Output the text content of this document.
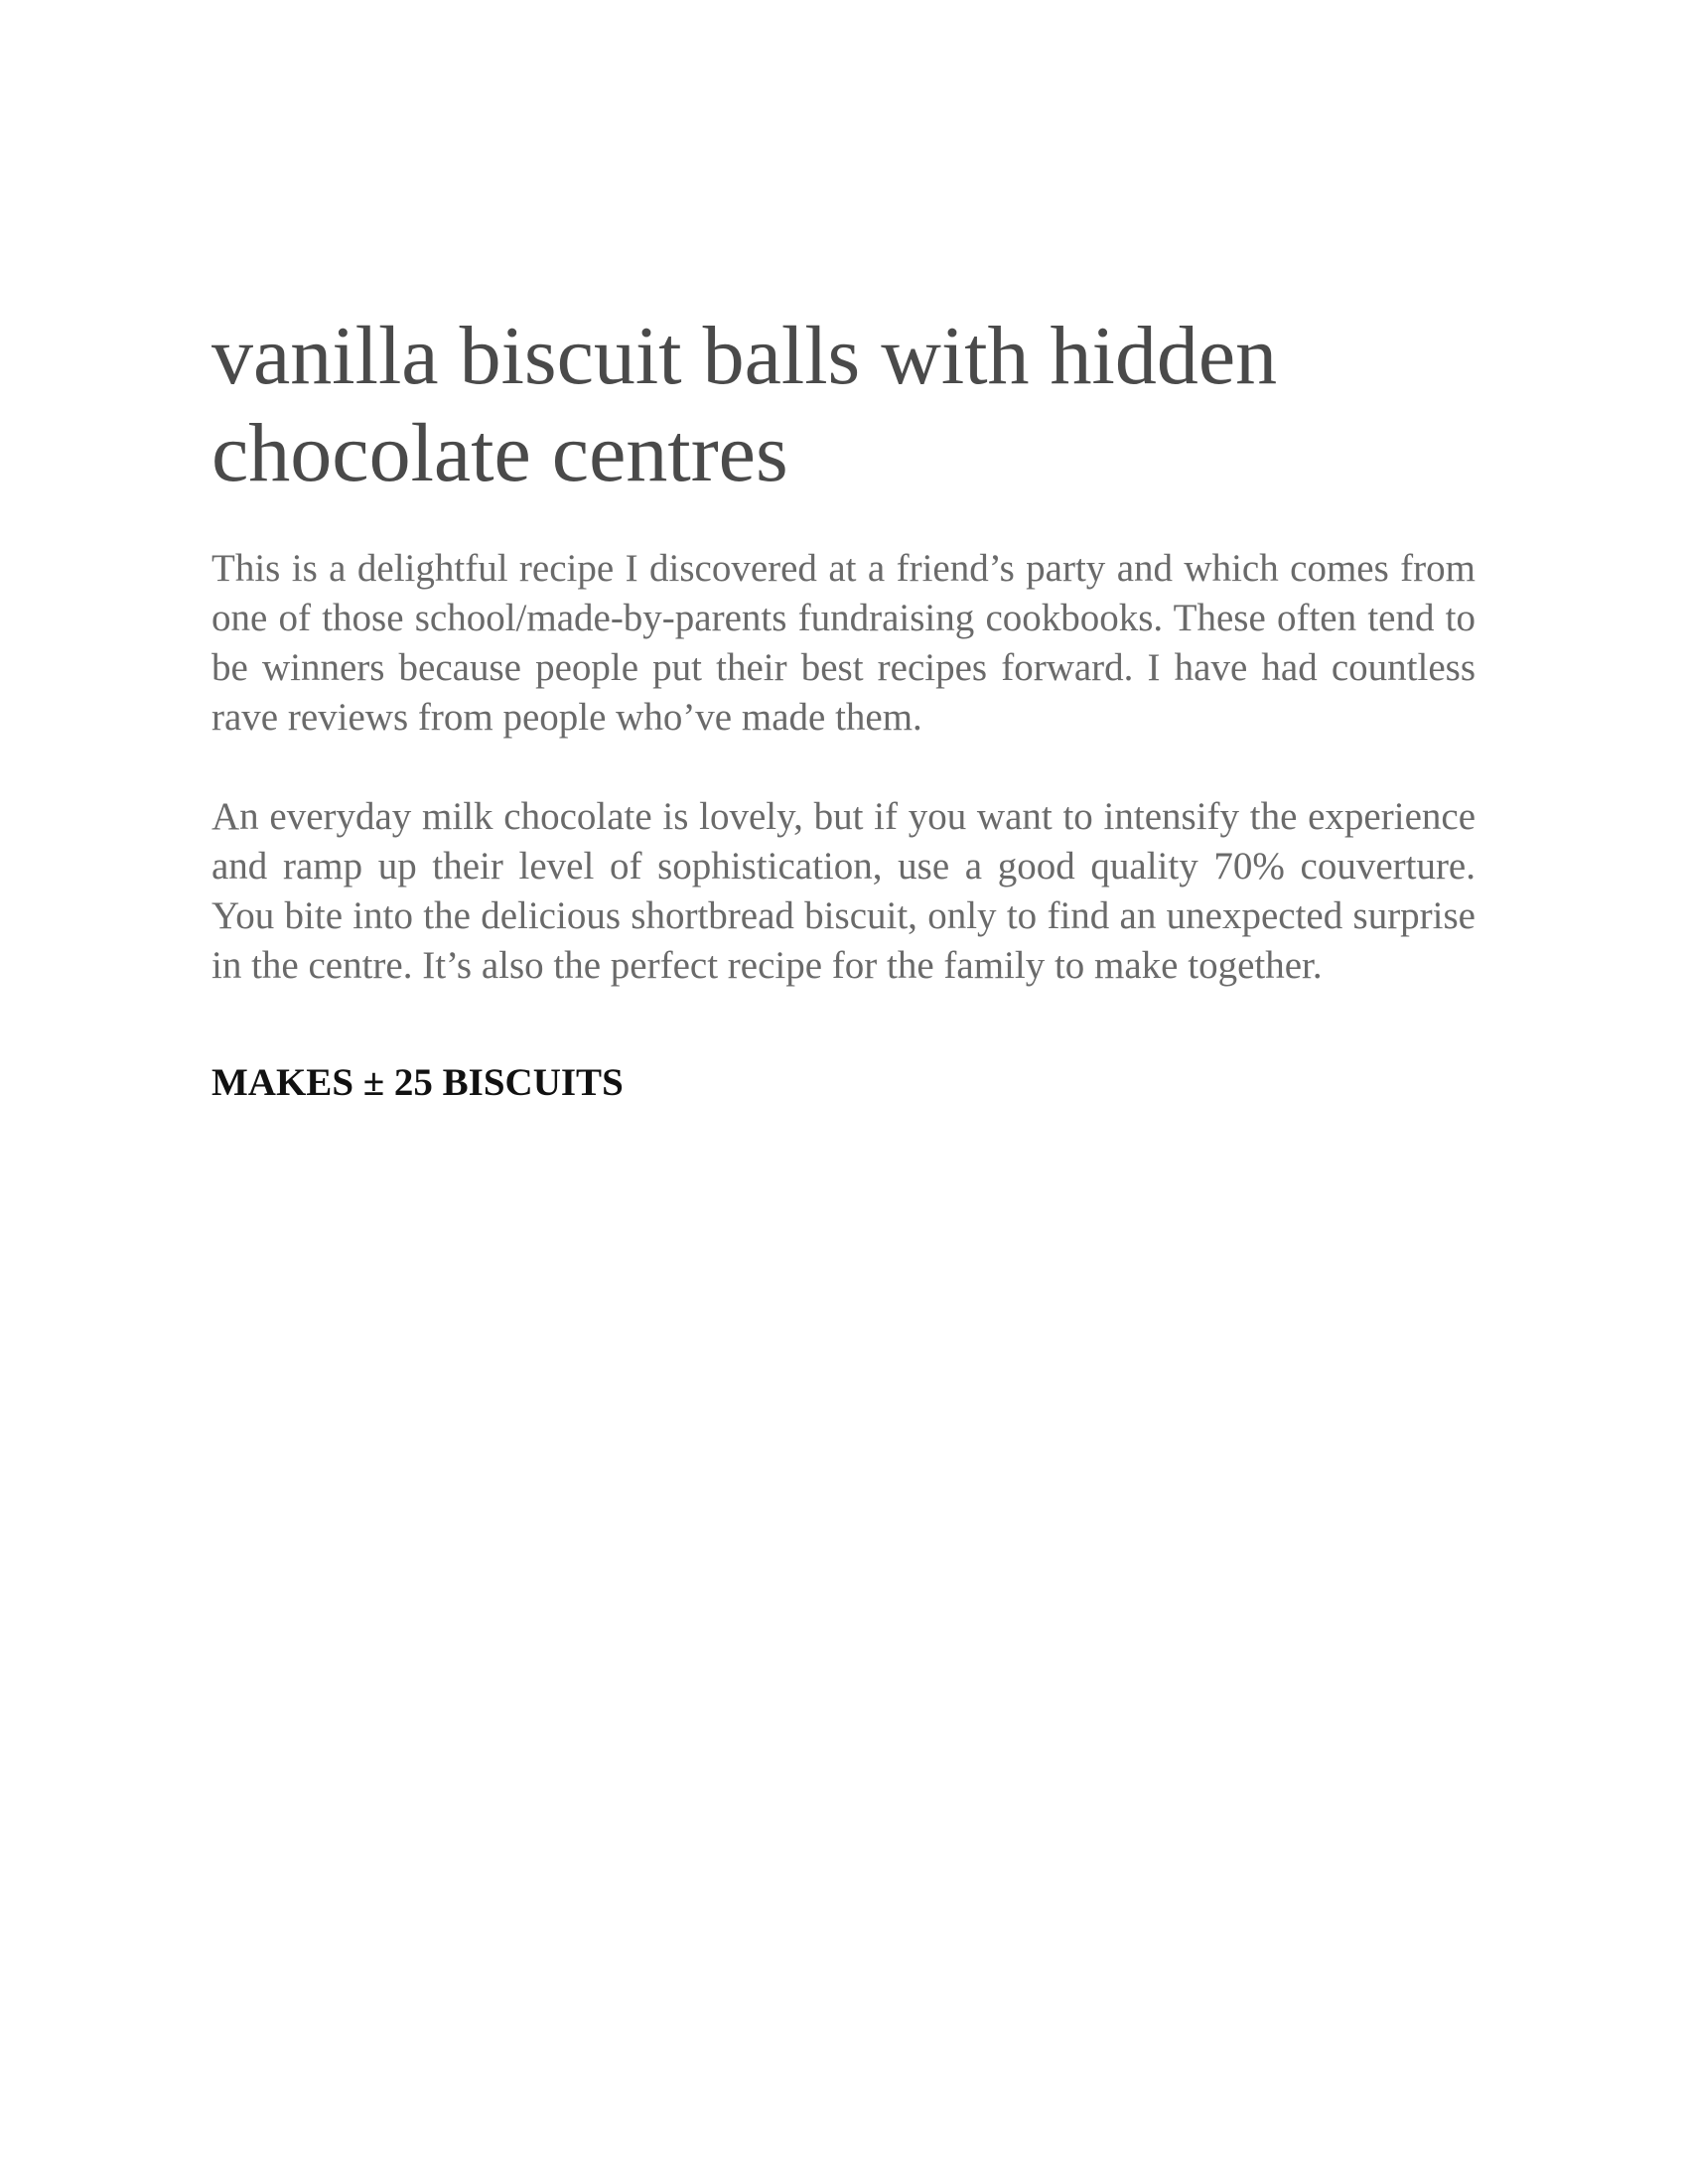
vanilla biscuit balls with hidden chocolate centres

This is a delightful recipe I discovered at a friend’s party and which comes from one of those school/made-by-parents fundraising cookbooks. These often tend to be winners because people put their best recipes forward. I have had countless rave reviews from people who’ve made them.

An everyday milk chocolate is lovely, but if you want to intensify the experience and ramp up their level of sophistication, use a good quality 70% couverture. You bite into the delicious shortbread biscuit, only to find an unexpected surprise in the centre. It’s also the perfect recipe for the family to make together.

MAKES ± 25 BISCUITS
